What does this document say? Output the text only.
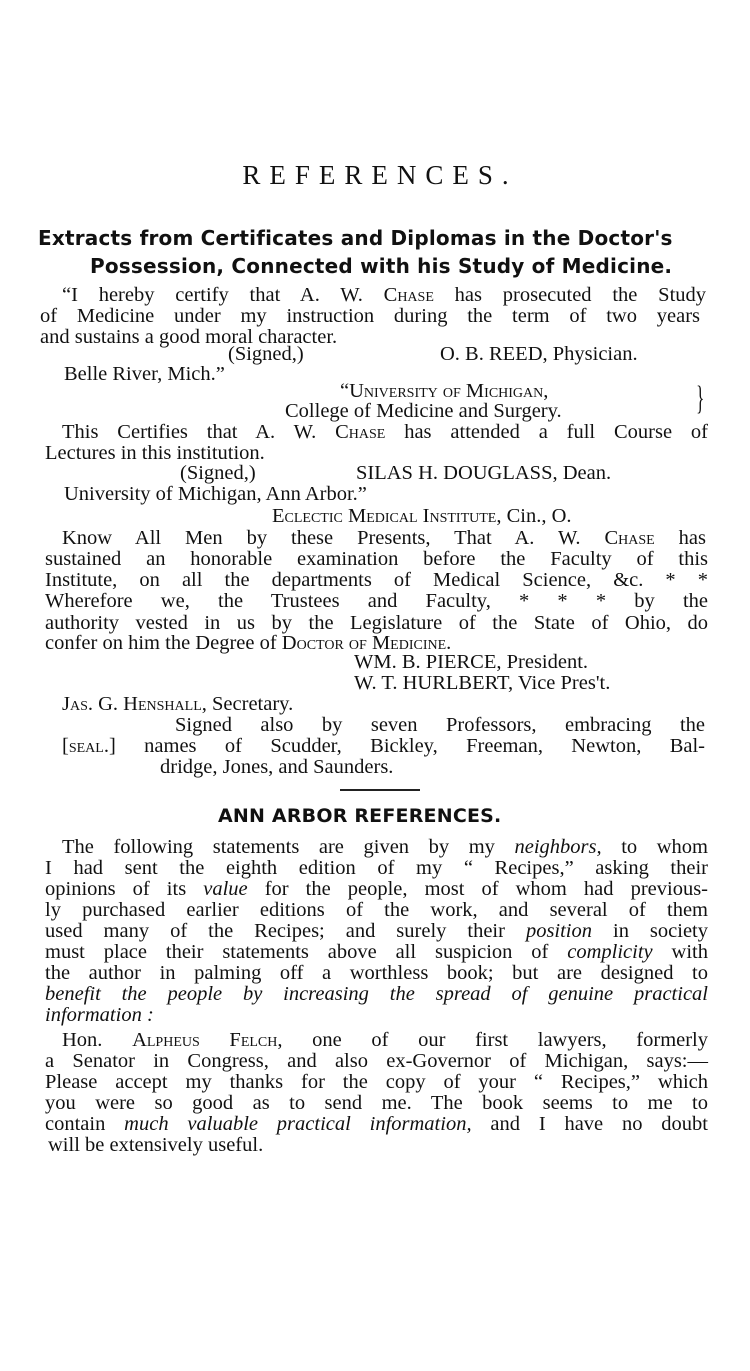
REFERENCES.
Extracts from Certificates and Diplomas in the Doctor's
Possession, Connected with his Study of Medicine.
}
ANN ARBOR REFERENCES.
“I hereby certify that A. W. Chase has prosecuted the Study
of Medicine under my instruction during the term of two years
and sustains a good moral character.
(Signed,)	O. B. REED, Physician.
Belle River, Mich.”
“University of Michigan,
College of Medicine and Surgery.
This Certifies that A. W. Chase has attended a full Course of
Lectures in this institution.
(Signed,)	SILAS H. DOUGLASS, Dean.
University of Michigan, Ann Arbor.”
Eclectic Medical Institute, Cin., O.
Know All Men by these Presents, That A. W. Chase has
sustained an honorable examination before the Faculty of this
Institute, on all the departments of Medical Science, &c. * *
Wherefore we, the Trustees and Faculty, * * * by the
authority vested in us by the Legislature of the State of Ohio, do
confer on him the Degree of Doctor of Medicine.
WM. B. PIERCE, President.
W. T. HURLBERT, Vice Pres't.
Jas. G. Henshall, Secretary.
Signed also by seven Professors, embracing the
[seal.] names of Scudder, Bickley, Freeman, Newton, Bal-
dridge, Jones, and Saunders.
The following statements are given by my neighbors, to whom
I had sent the eighth edition of my “ Recipes,” asking their
opinions of its value for the people, most of whom had previous-
ly purchased earlier editions of the work, and several of them
used many of the Recipes; and surely their position in society
must place their statements above all suspicion of complicity with
the author in palming off a worthless book; but are designed to
benefit the people by increasing the spread of genuine practical
information :
Hon. Alpheus Felch, one of our first lawyers, formerly
a Senator in Congress, and also ex-Governor of Michigan, says:—
Please accept my thanks for the copy of your “ Recipes,” which
you were so good as to send me. The book seems to me to
contain much valuable practical information, and I have no doubt
will be extensively useful.
